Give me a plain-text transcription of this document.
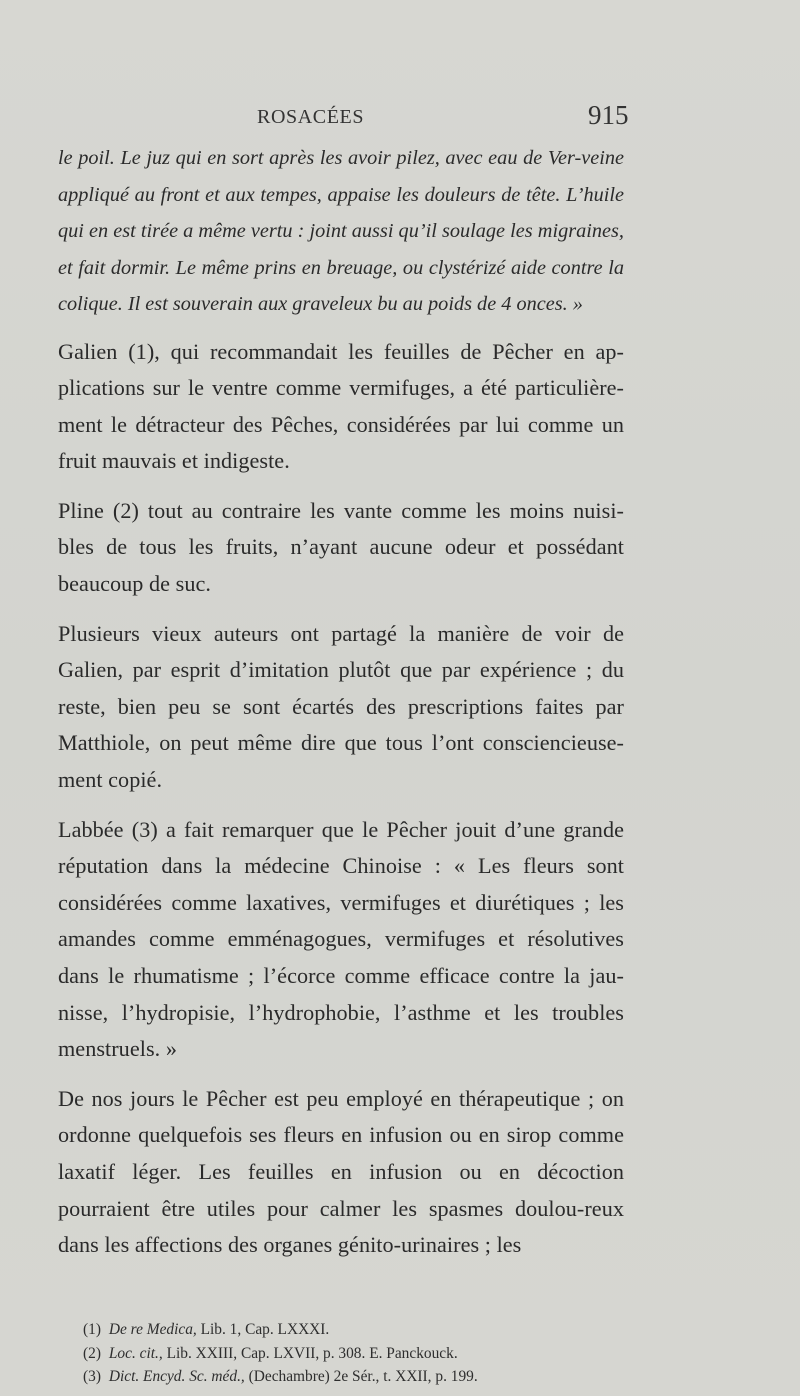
ROSACÉES	915

le poil. Le juz qui en sort après les avoir pilez, avec eau de Ver-veine appliqué au front et aux tempes, appaise les douleurs de tête. L’huile qui en est tirée a même vertu : joint aussi qu’il soulage les migraines, et fait dormir. Le même prins en breuage, ou clystérizé aide contre la colique. Il est souverain aux graveleux bu au poids de 4 onces. »

Galien (1), qui recommandait les feuilles de Pêcher en ap-plications sur le ventre comme vermifuges, a été particulière-ment le détracteur des Pêches, considérées par lui comme un fruit mauvais et indigeste.

Pline (2) tout au contraire les vante comme les moins nuisi-bles de tous les fruits, n’ayant aucune odeur et possédant beaucoup de suc.

Plusieurs vieux auteurs ont partagé la manière de voir de Galien, par esprit d’imitation plutôt que par expérience ; du reste, bien peu se sont écartés des prescriptions faites par Matthiole, on peut même dire que tous l’ont consciencieuse-ment copié.

Labbée (3) a fait remarquer que le Pêcher jouit d’une grande réputation dans la médecine Chinoise : « Les fleurs sont considérées comme laxatives, vermifuges et diurétiques ; les amandes comme emménagogues, vermifuges et résolutives dans le rhumatisme ; l’écorce comme efficace contre la jau-nisse, l’hydropisie, l’hydrophobie, l’asthme et les troubles menstruels. »

De nos jours le Pêcher est peu employé en thérapeutique ; on ordonne quelquefois ses fleurs en infusion ou en sirop comme laxatif léger. Les feuilles en infusion ou en décoction pourraient être utiles pour calmer les spasmes doulou-reux dans les affections des organes génito-urinaires ; les

(1) De re Medica, Lib. 1, Cap. LXXXI.
(2) Loc. cit., Lib. XXIII, Cap. LXVII, p. 308. E. Panckouck.
(3) Dict. Encyd. Sc. méd., (Dechambre) 2e Sér., t. XXII, p. 199.
